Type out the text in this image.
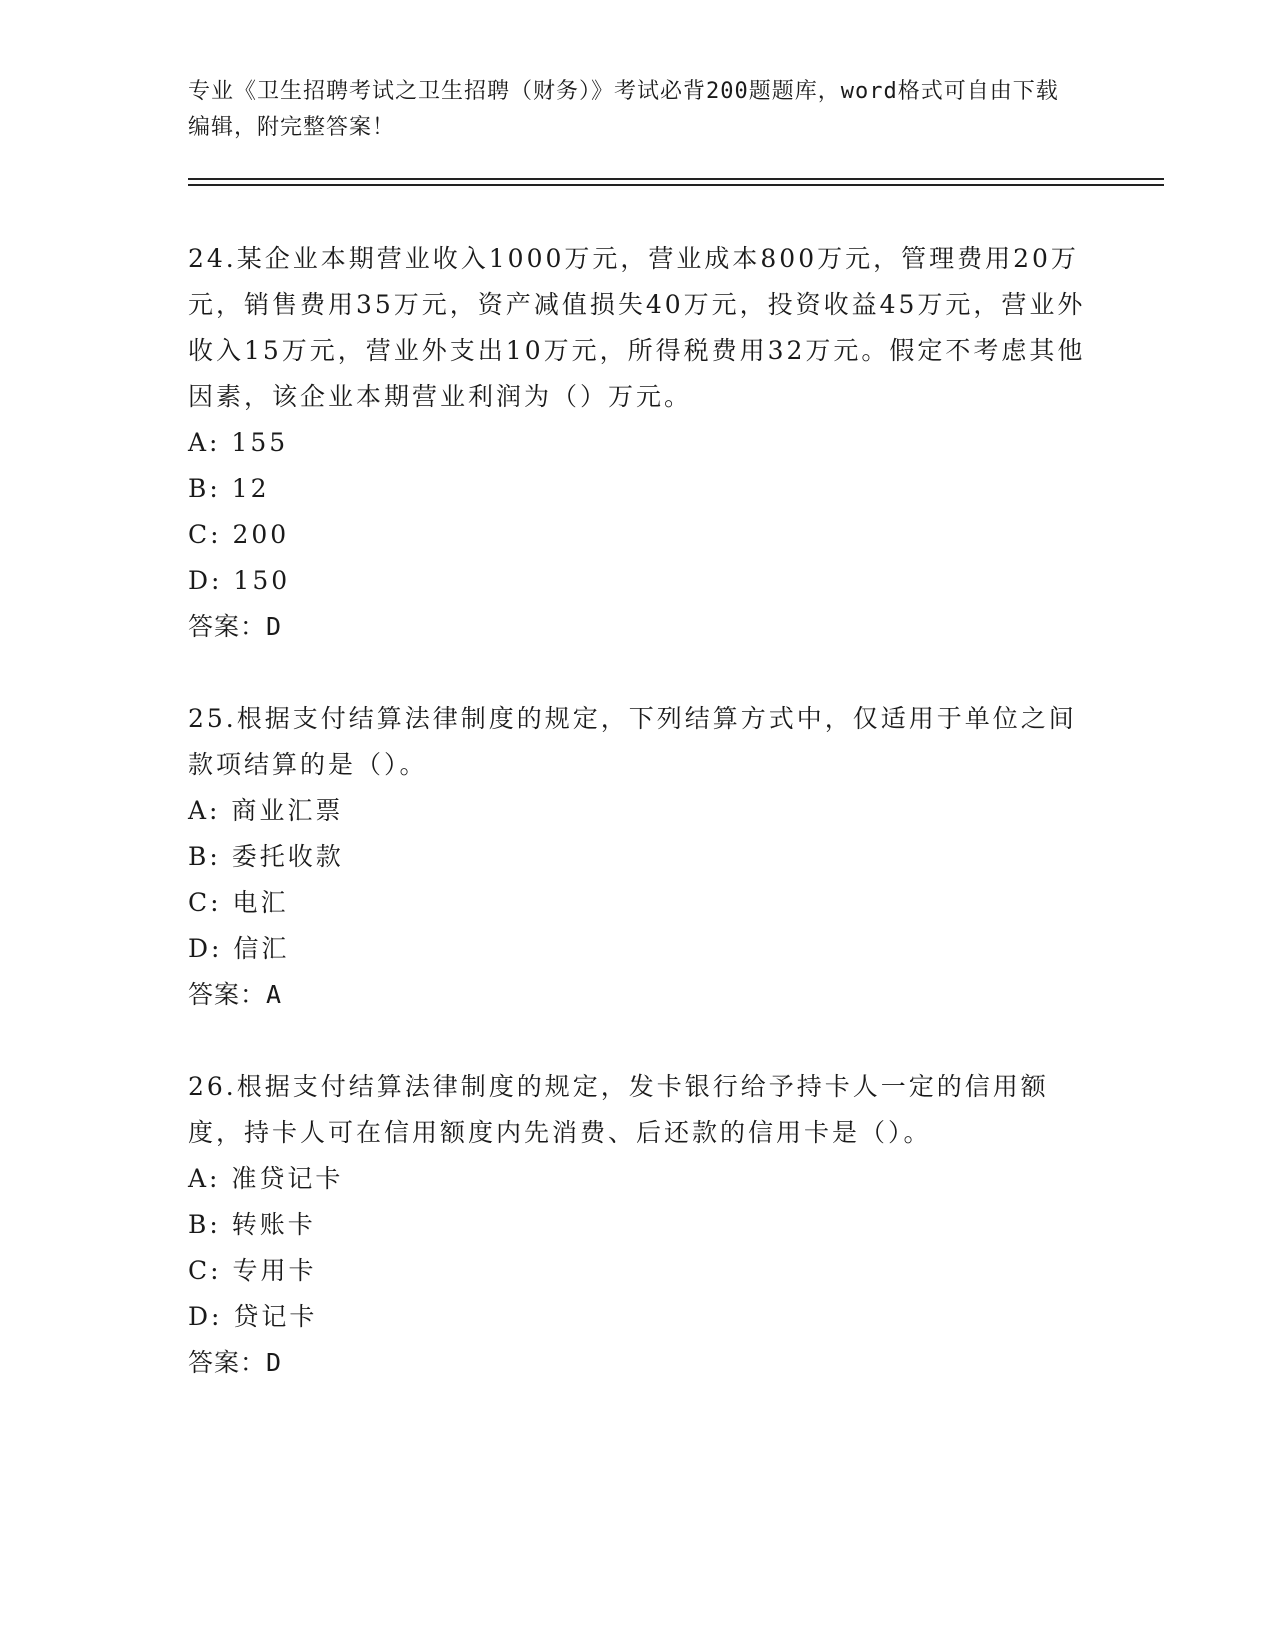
专业《卫生招聘考试之卫生招聘（财务）》考试必背200题题库，word格式可自由下载编辑，附完整答案！

24.某企业本期营业收入1000万元，营业成本800万元，管理费用20万元，销售费用35万元，资产减值损失40万元，投资收益45万元，营业外收入15万元，营业外支出10万元，所得税费用32万元。假定不考虑其他因素，该企业本期营业利润为（）万元。

A: 155

B: 12

C: 200

D: 150

答案：D

25.根据支付结算法律制度的规定，下列结算方式中，仅适用于单位之间款项结算的是（）。

A: 商业汇票

B: 委托收款

C: 电汇

D: 信汇

答案：A

26.根据支付结算法律制度的规定，发卡银行给予持卡人一定的信用额度，持卡人可在信用额度内先消费、后还款的信用卡是（）。

A: 准贷记卡

B: 转账卡

C: 专用卡

D: 贷记卡

答案：D
